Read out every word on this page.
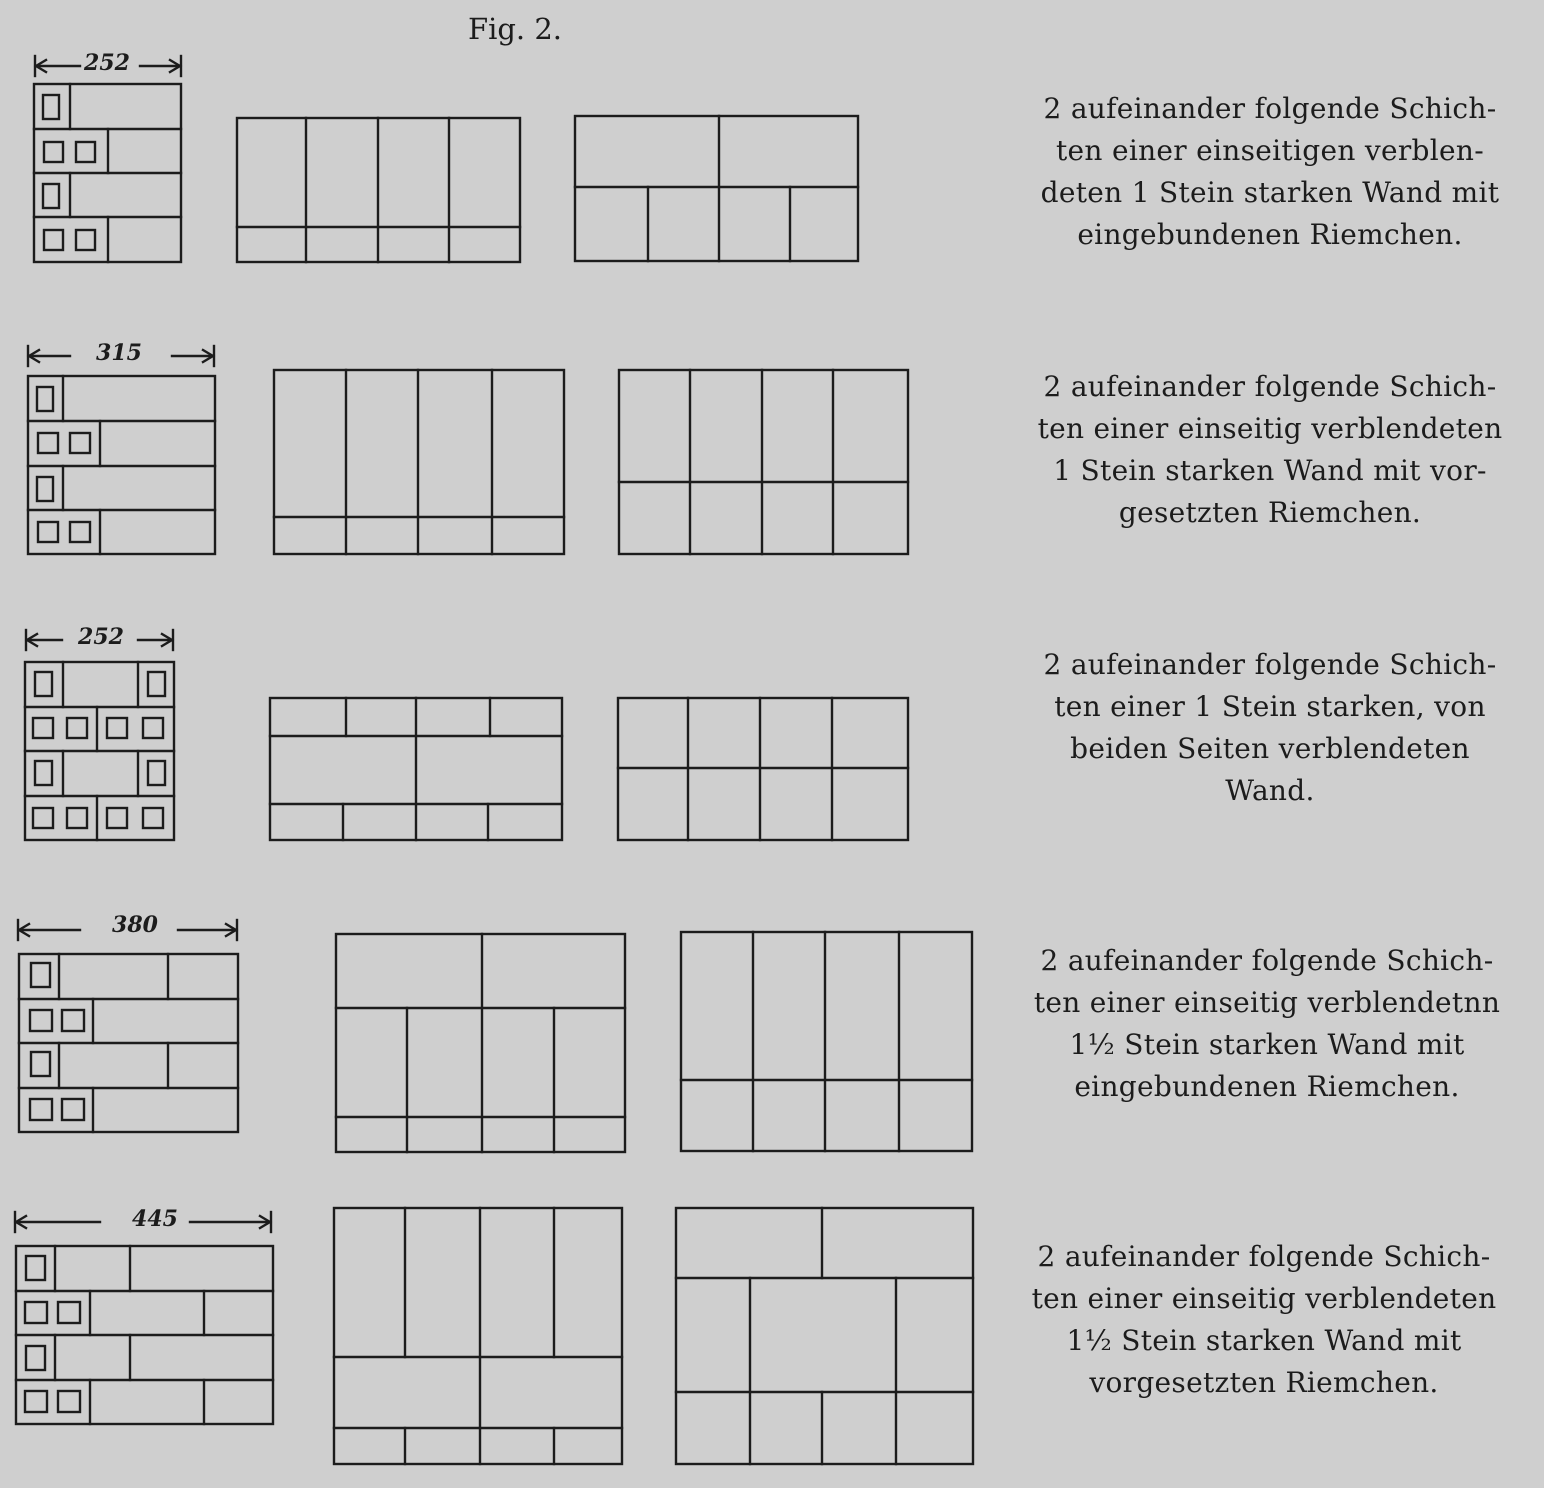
Fig. 2.
252
315
252
380
445
2 aufeinander folgende Schich-
ten einer einseitigen verblen-
deten 1 Stein starken Wand mit
eingebundenen Riemchen.
2 aufeinander folgende Schich-
ten einer einseitig verblendeten
1 Stein starken Wand mit vor-
gesetzten Riemchen.
2 aufeinander folgende Schich-
ten einer 1 Stein starken, von
beiden Seiten verblendeten
Wand.
2 aufeinander folgende Schich-
ten einer einseitig verblendetnn
1½ Stein starken Wand mit
eingebundenen Riemchen.
2 aufeinander folgende Schich-
ten einer einseitig verblendeten
1½ Stein starken Wand mit
vorgesetzten Riemchen.
